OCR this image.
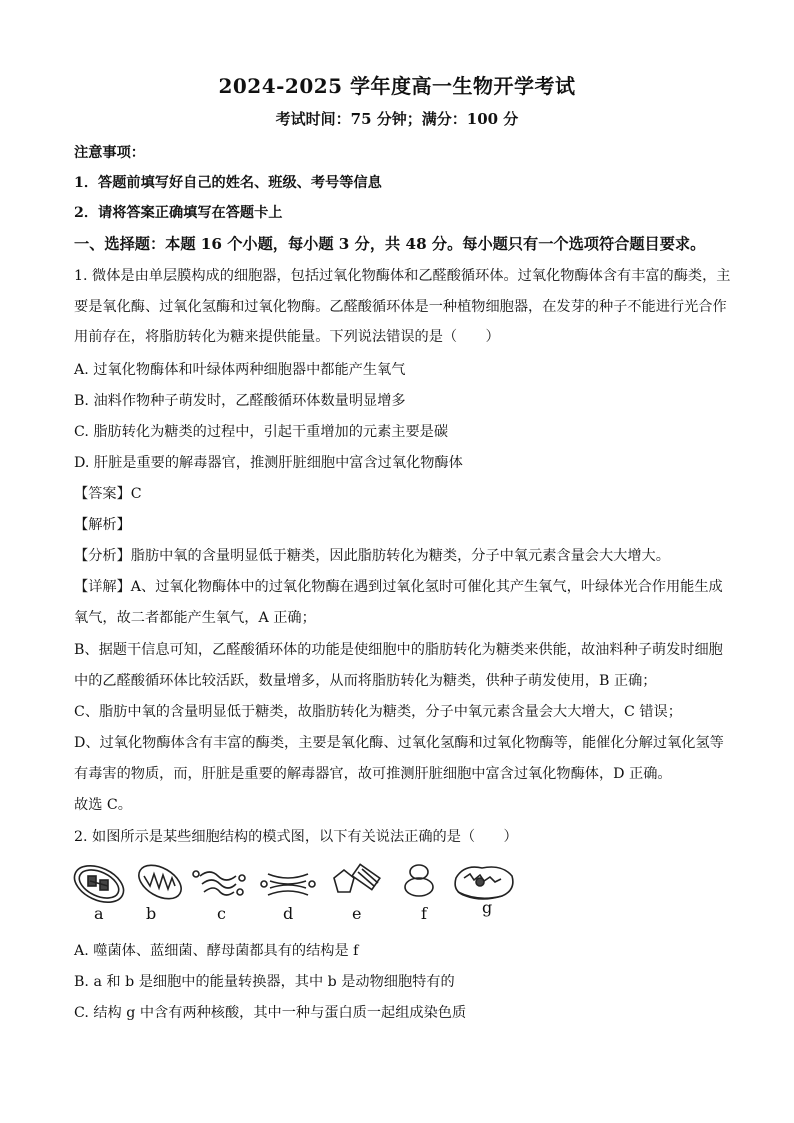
2024-2025 学年度高一生物开学考试
考试时间：75 分钟；满分：100 分
注意事项：
1．答题前填写好自己的姓名、班级、考号等信息
2．请将答案正确填写在答题卡上
一、选择题：本题 16 个小题，每小题 3 分，共 48 分。每小题只有一个选项符合题目要求。
1. 微体是由单层膜构成的细胞器，包括过氧化物酶体和乙醛酸循环体。过氧化物酶体含有丰富的酶类，主
要是氧化酶、过氧化氢酶和过氧化物酶。乙醛酸循环体是一种植物细胞器，在发芽的种子不能进行光合作
用前存在，将脂肪转化为糖来提供能量。下列说法错误的是（　　）
A. 过氧化物酶体和叶绿体两种细胞器中都能产生氧气
B. 油料作物种子萌发时，乙醛酸循环体数量明显增多
C. 脂肪转化为糖类的过程中，引起干重增加的元素主要是碳
D. 肝脏是重要的解毒器官，推测肝脏细胞中富含过氧化物酶体
【答案】C
【解析】
【分析】脂肪中氧的含量明显低于糖类，因此脂肪转化为糖类，分子中氧元素含量会大大增大。
【详解】A、过氧化物酶体中的过氧化物酶在遇到过氧化氢时可催化其产生氧气，叶绿体光合作用能生成
氧气，故二者都能产生氧气，A 正确；
B、据题干信息可知，乙醛酸循环体的功能是使细胞中的脂肪转化为糖类来供能，故油料种子萌发时细胞
中的乙醛酸循环体比较活跃，数量增多，从而将脂肪转化为糖类，供种子萌发使用，B 正确；
C、脂肪中氧的含量明显低于糖类，故脂肪转化为糖类，分子中氧元素含量会大大增大，C 错误；
D、过氧化物酶体含有丰富的酶类，主要是氧化酶、过氧化氢酶和过氧化物酶等，能催化分解过氧化氢等
有毒害的物质，而，肝脏是重要的解毒器官，故可推测肝脏细胞中富含过氧化物酶体，D 正确。
故选 C。
2. 如图所示是某些细胞结构的模式图，以下有关说法正确的是（　　）
a	b	c	d	e	f	g
A. 噬菌体、蓝细菌、酵母菌都具有的结构是 f
B. a 和 b 是细胞中的能量转换器，其中 b 是动物细胞特有的
C. 结构 g 中含有两种核酸，其中一种与蛋白质一起组成染色质
